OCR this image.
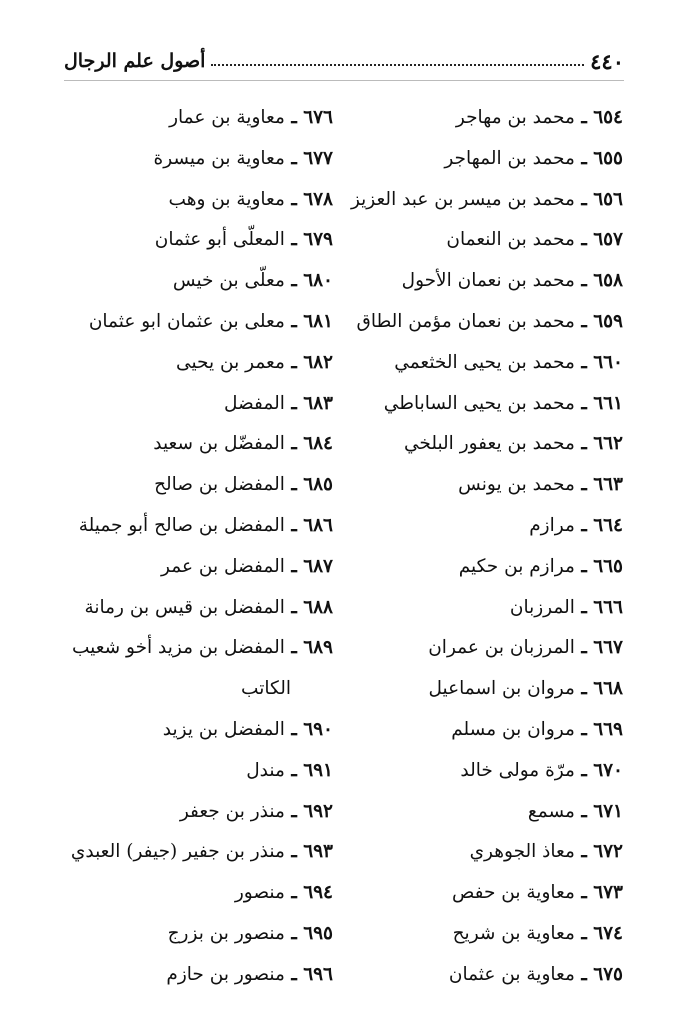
٤٤٠
أصول علم الرجال
٦٥٤ ـ محمد بن مهاجر
٦٥٥ ـ محمد بن المهاجر
٦٥٦ ـ محمد بن ميسر بن عبد العزيز
٦٥٧ ـ محمد بن النعمان
٦٥٨ ـ محمد بن نعمان الأحول
٦٥٩ ـ محمد بن نعمان مؤمن الطاق
٦٦٠ ـ محمد بن يحيى الخثعمي
٦٦١ ـ محمد بن يحيى الساباطي
٦٦٢ ـ محمد بن يعفور البلخي
٦٦٣ ـ محمد بن يونس
٦٦٤ ـ مرازم
٦٦٥ ـ مرازم بن حكيم
٦٦٦ ـ المرزبان
٦٦٧ ـ المرزبان بن عمران
٦٦٨ ـ مروان بن اسماعيل
٦٦٩ ـ مروان بن مسلم
٦٧٠ ـ مرّة مولى خالد
٦٧١ ـ مسمع
٦٧٢ ـ معاذ الجوهري
٦٧٣ ـ معاوية بن حفص
٦٧٤ ـ معاوية بن شريح
٦٧٥ ـ معاوية بن عثمان
٦٧٦ ـ معاوية بن عمار
٦٧٧ ـ معاوية بن ميسرة
٦٧٨ ـ معاوية بن وهب
٦٧٩ ـ المعلّى أبو عثمان
٦٨٠ ـ معلّى بن خيس
٦٨١ ـ معلى بن عثمان ابو عثمان
٦٨٢ ـ معمر بن يحيى
٦٨٣ ـ المفضل
٦٨٤ ـ المفضّل بن سعيد
٦٨٥ ـ المفضل بن صالح
٦٨٦ ـ المفضل بن صالح أبو جميلة
٦٨٧ ـ المفضل بن عمر
٦٨٨ ـ المفضل بن قيس بن رمانة
٦٨٩ ـ المفضل بن مزيد أخو شعيب
الكاتب
٦٩٠ ـ المفضل بن يزيد
٦٩١ ـ مندل
٦٩٢ ـ منذر بن جعفر
٦٩٣ ـ منذر بن جفير (جيفر) العبدي
٦٩٤ ـ منصور
٦٩٥ ـ منصور بن بزرج
٦٩٦ ـ منصور بن حازم
